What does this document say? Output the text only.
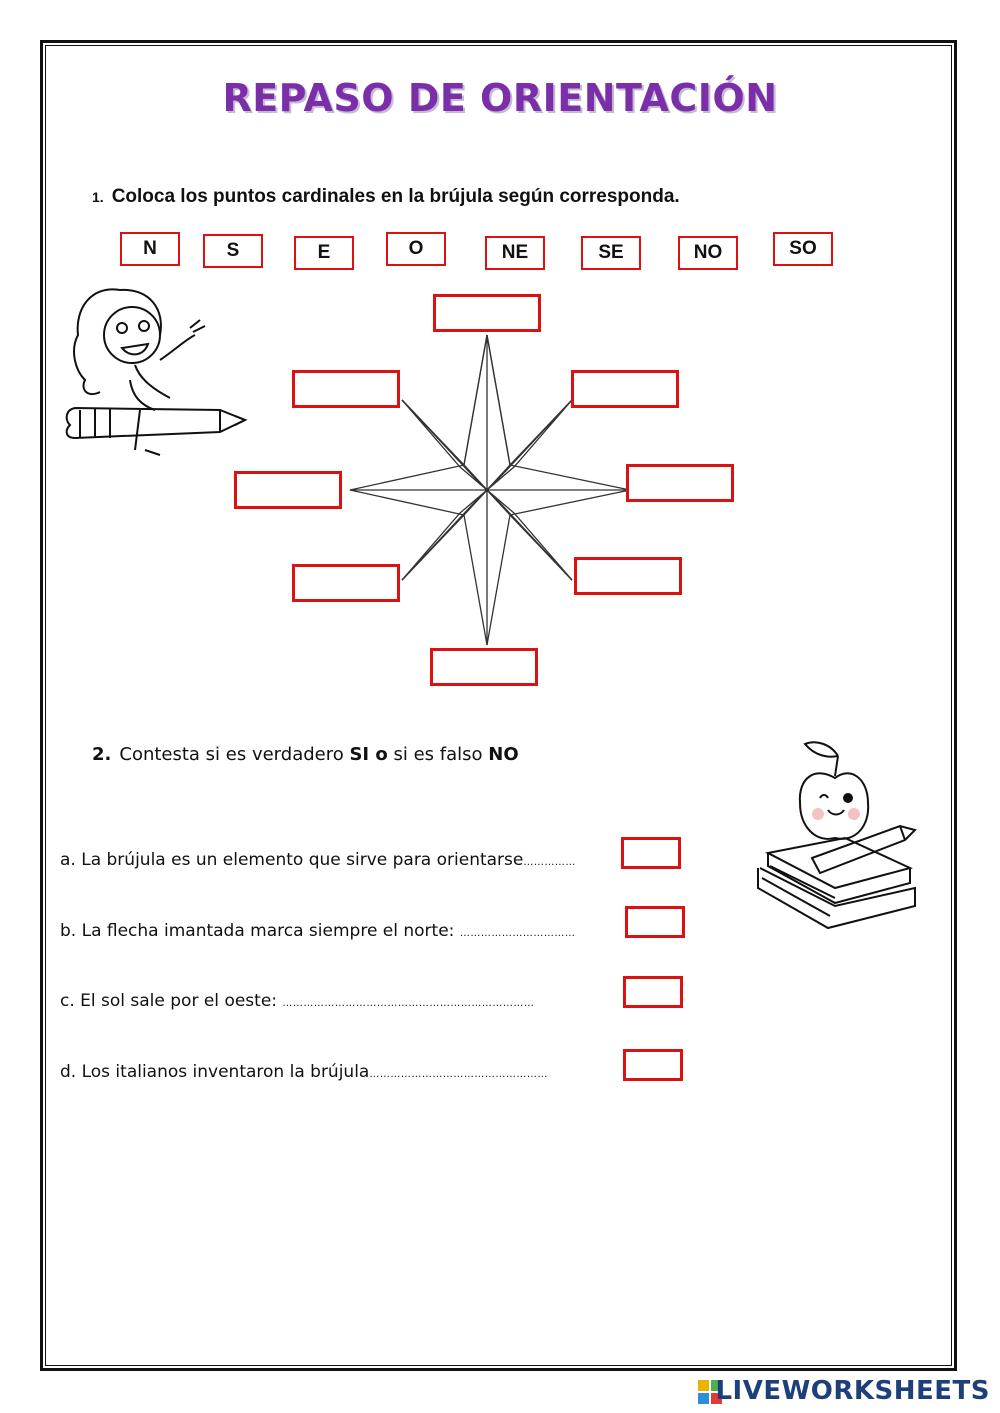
REPASO DE ORIENTACIÓN
1. Coloca los puntos cardinales en la brújula según corresponda.
N	S	E	O	NE	SE	NO	SO
2. Contesta si es verdadero SI o si es falso NO
a. La brújula es un elemento que sirve para orientarse……………
b. La flecha imantada marca siempre el norte: ……………………………
c. El sol sale por el oeste: ………………………………………………………………
d. Los italianos inventaron la brújula……………………………………………
LIVEWORKSHEETS
